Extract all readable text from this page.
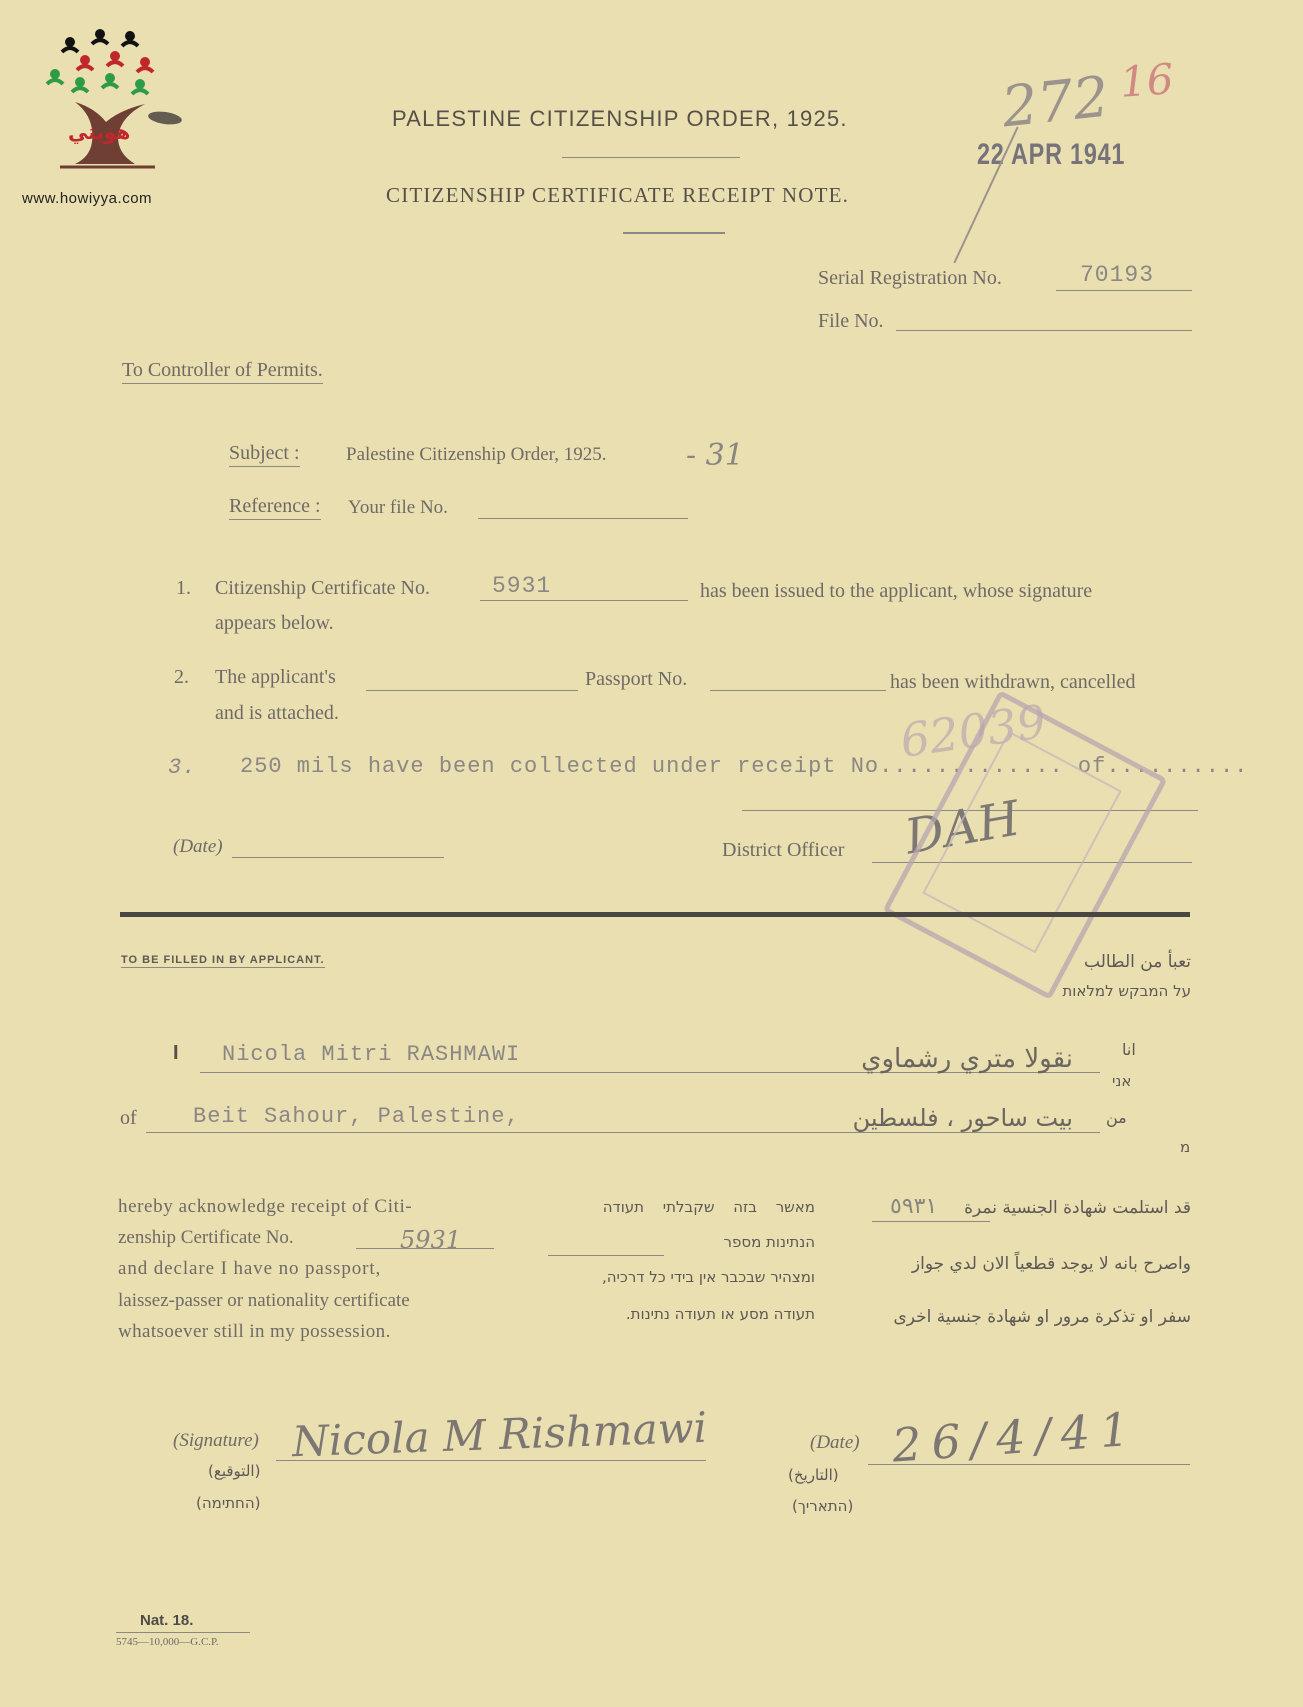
هويتي
www.howiyya.com
PALESTINE CITIZENSHIP ORDER, 1925.
CITIZENSHIP CERTIFICATE RECEIPT NOTE.
272 16
22 APR 1941
Serial Registration No.	70193
File No.
To Controller of Permits.
Subject : Palestine Citizenship Order, 1925.	- 31
Reference : Your file No.
1. Citizenship Certificate No.	5931	has been issued to the applicant, whose signature
appears below.
2. The applicant's	Passport No.	has been withdrawn, cancelled
and is attached.
3. 250 mils have been collected under receipt No............. of..........
(Date)	District Officer
62039
DAH
TO BE FILLED IN BY APPLICANT.	تعبأ من الطالب
על המבקש למלאות
I Nicola Mitri RASHMAWI	نقولا متري رشماوي	انا
אני
of	Beit Sahour, Palestine,	بيت ساحور ، فلسطين من
מ
hereby acknowledge receipt of Citi-
zenship Certificate No.	5931
and declare I have no passport,
laissez-passer or nationality certificate
whatsoever still in my possession.
מאשר בזה שקבלתי תעודה
הנתינות מספר
ומצהיר שבכבר אין בידי כל דרכיה,
תעודה מסע או תעודה נתינות.
قد استلمت شهادة الجنسية نمرة
٥٩٣١
واصرح بانه لا يوجد قطعياً الان لدي جواز
سفر او تذكرة مرور او شهادة جنسية اخرى
(Signature) Nicola M Rishmawi
(التوقيع)
(החתימה)
(Date) 26/4/41
(التاريخ)
(התאריך)
Nat. 18.
5745—10,000—G.C.P.
